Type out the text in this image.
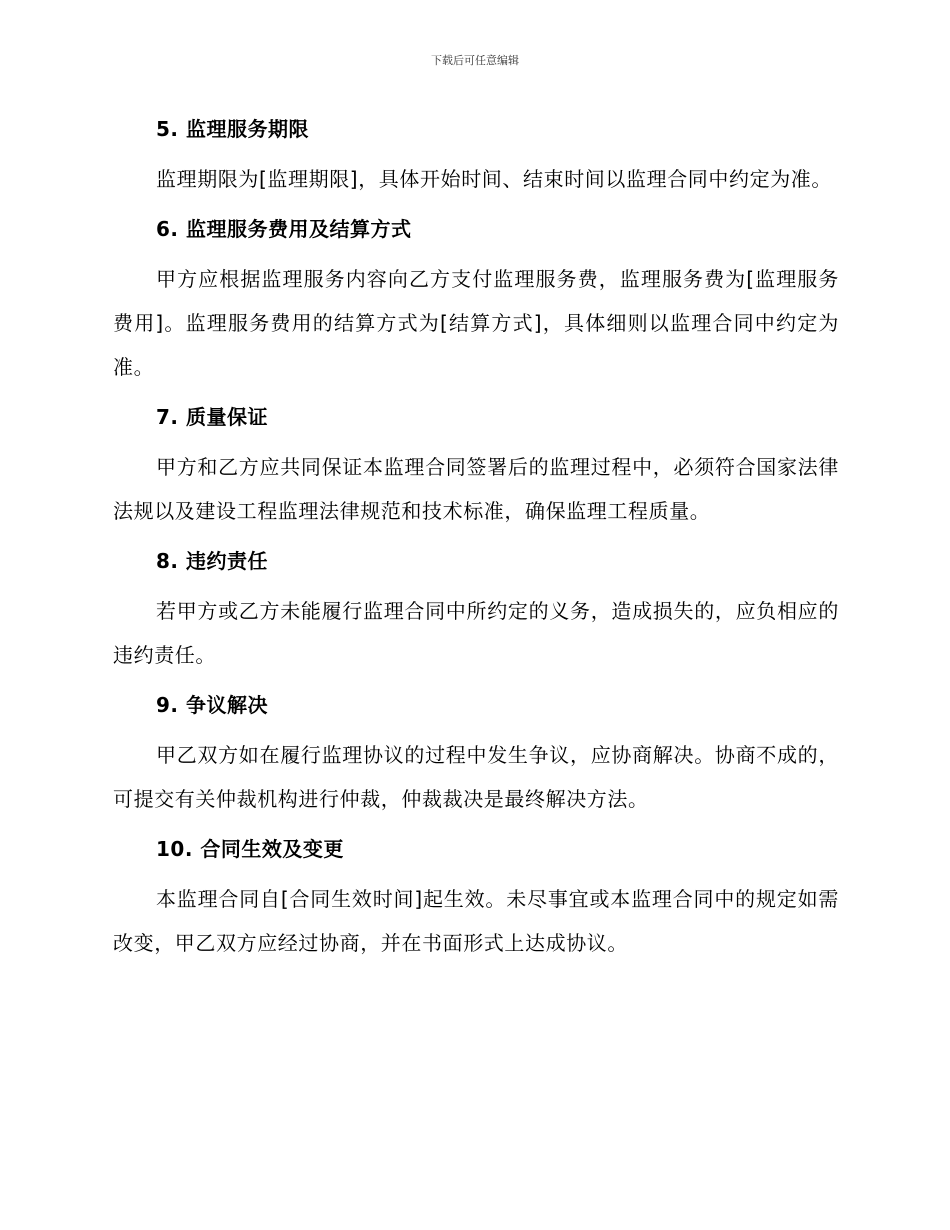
下载后可任意编辑
5. 监理服务期限

监理期限为[监理期限]，具体开始时间、结束时间以监理合同中约定为准。

6. 监理服务费用及结算方式

甲方应根据监理服务内容向乙方支付监理服务费，监理服务费为[监理服务费用]。监理服务费用的结算方式为[结算方式]，具体细则以监理合同中约定为准。

7. 质量保证

甲方和乙方应共同保证本监理合同签署后的监理过程中，必须符合国家法律法规以及建设工程监理法律规范和技术标准，确保监理工程质量。

8. 违约责任

若甲方或乙方未能履行监理合同中所约定的义务，造成损失的，应负相应的违约责任。

9. 争议解决

甲乙双方如在履行监理协议的过程中发生争议，应协商解决。协商不成的，可提交有关仲裁机构进行仲裁，仲裁裁决是最终解决方法。

10. 合同生效及变更

本监理合同自[合同生效时间]起生效。未尽事宜或本监理合同中的规定如需改变，甲乙双方应经过协商，并在书面形式上达成协议。
